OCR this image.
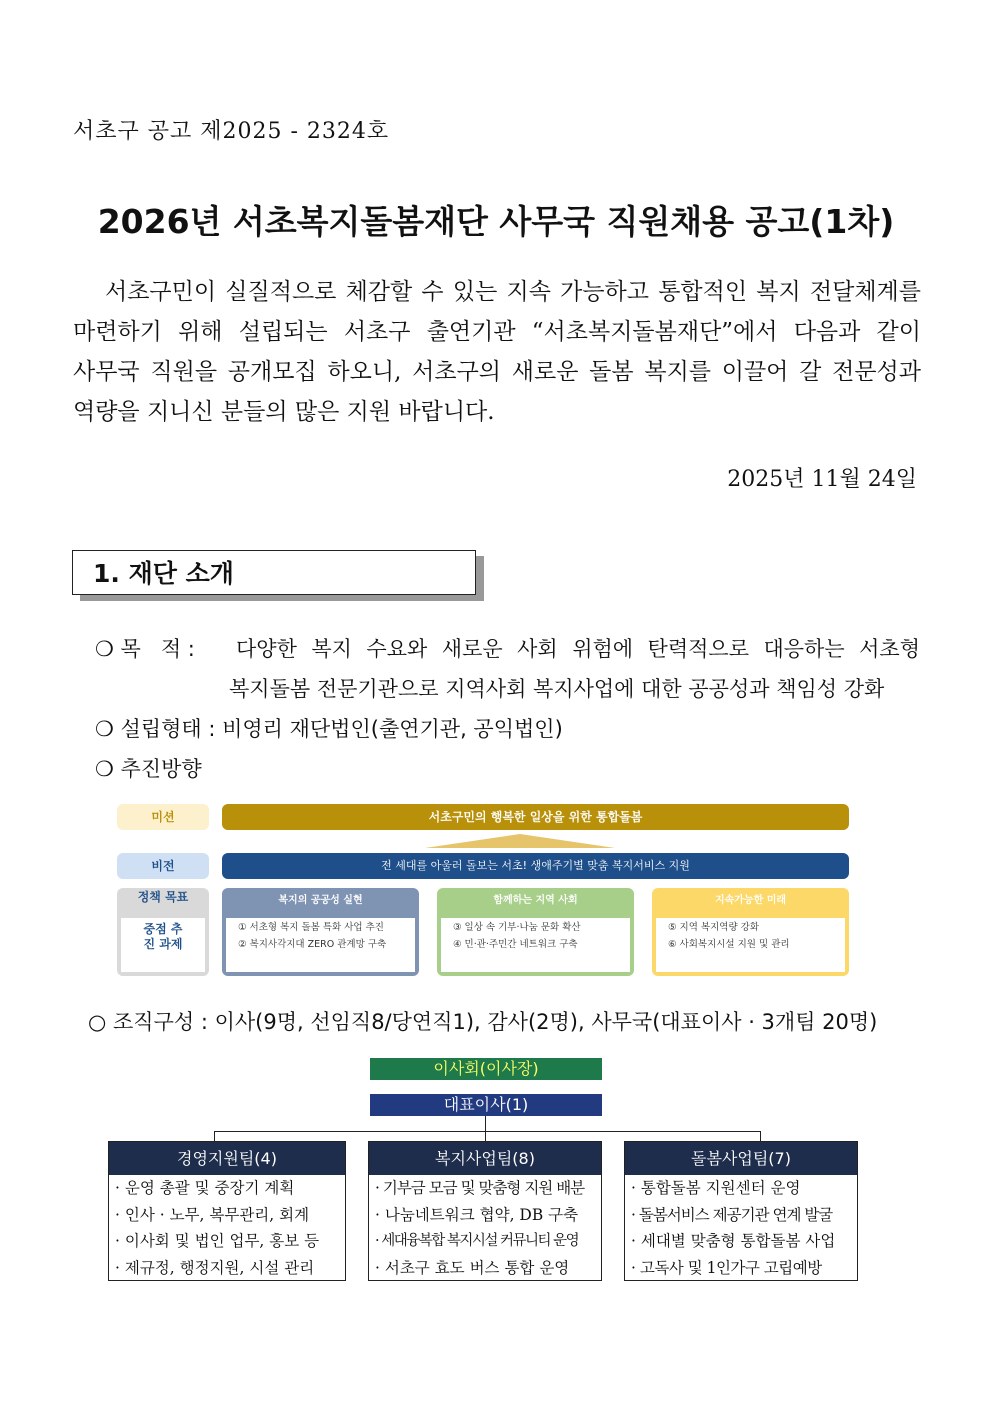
서초구 공고 제2025 - 2324호
2026년 서초복지돌봄재단 사무국 직원채용 공고(1차)
서초구민이 실질적으로 체감할 수 있는 지속 가능하고 통합적인 복지 전달체계를
마련하기 위해 설립되는 서초구 출연기관 “서초복지돌봄재단”에서 다음과 같이
사무국 직원을 공개모집 하오니, 서초구의 새로운 돌봄 복지를 이끌어 갈 전문성과
역량을 지니신 분들의 많은 지원 바랍니다.
2025년 11월 24일
1. 재단 소개
❍ 목   적 : 다양한 복지 수요와 새로운 사회 위험에 탄력적으로 대응하는 서초형
복지돌봄 전문기관으로 지역사회 복지사업에 대한 공공성과 책임성 강화
❍ 설립형태 : 비영리 재단법인(출연기관, 공익법인)
❍ 추진방향
미션	서초구민의 행복한 일상을 위한 통합돌봄
비전	전 세대를 아울러 돌보는 서초! 생애주기별 맞춤 복지서비스 지원
정책 목표
중점 추진 과제
복지의 공공성 실현
① 서초형 복지 돌봄 특화 사업 추진
② 복지사각지대 ZERO 관계망 구축
함께하는 지역 사회
③ 일상 속 기부·나눔 문화 확산
④ 민·관·주민간 네트워크 구축
지속가능한 미래
⑤ 지역 복지역량 강화
⑥ 사회복지시설 지원 및 관리
○ 조직구성 : 이사(9명, 선임직8/당연직1), 감사(2명), 사무국(대표이사 · 3개팀 20명)
이사회(이사장)
대표이사(1)
경영지원팀(4)
· 운영 총괄 및 중장기 계획
· 인사 · 노무, 복무관리, 회계
· 이사회 및 법인 업무, 홍보 등
· 제규정, 행정지원, 시설 관리
복지사업팀(8)
· 기부금 모금 및 맞춤형 지원 배분
· 나눔네트워크 협약, DB 구축
· 세대융복합 복지시설 커뮤니티 운영
· 서초구 효도 버스 통합 운영
돌봄사업팀(7)
· 통합돌봄 지원센터 운영
· 돌봄서비스 제공기관 연계 발굴
· 세대별 맞춤형 통합돌봄 사업
· 고독사 및 1인가구 고립예방
